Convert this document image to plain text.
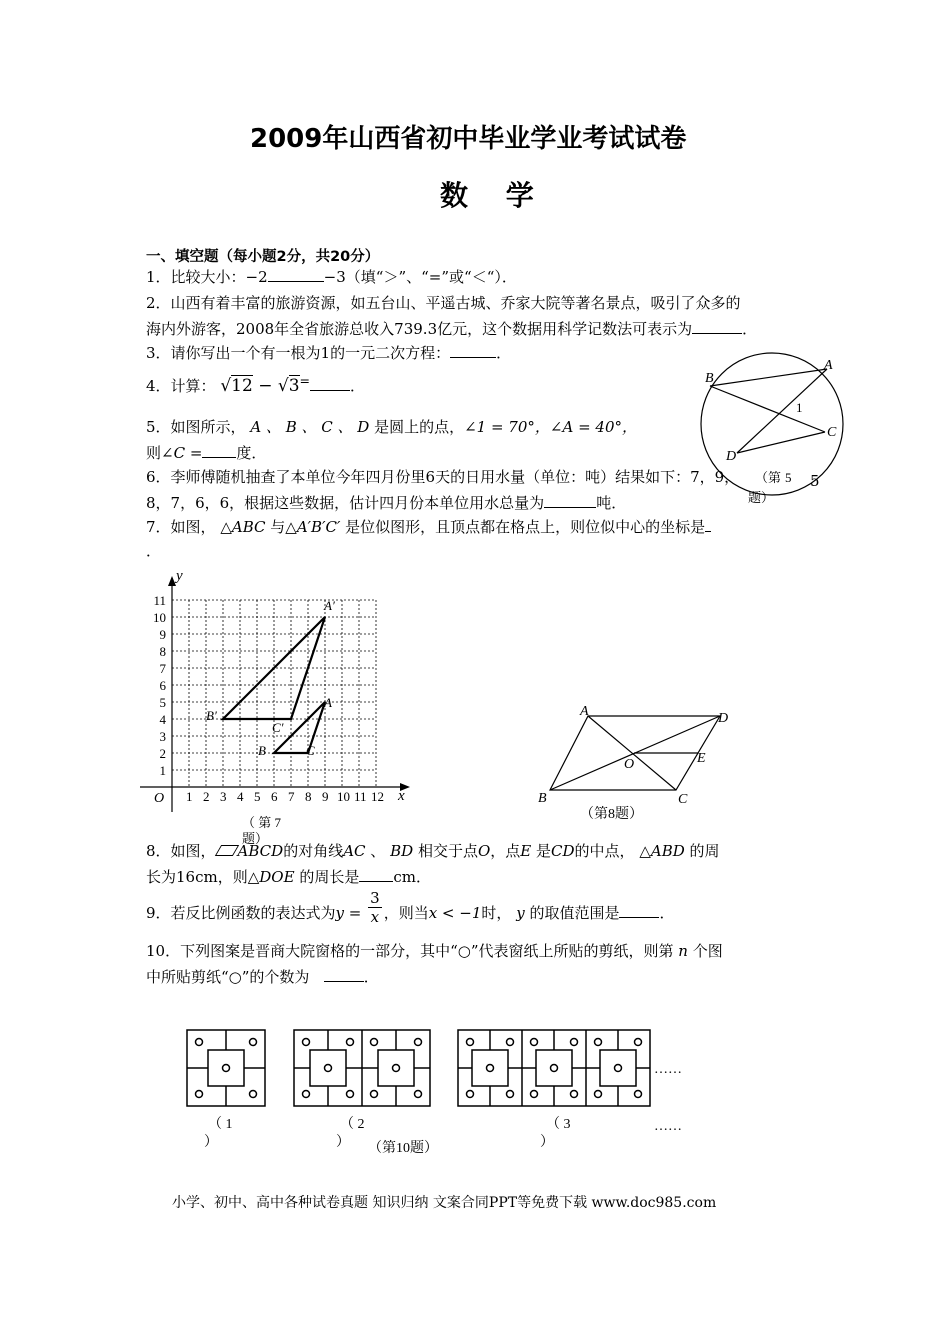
2009年山西省初中毕业学业考试试卷
数 学
一、填空题（每小题2分，共20分）
1．比较大小：−2	−3（填“＞”、“=”或“＜“）．
2．山西有着丰富的旅游资源，如五台山、平遥古城、乔家大院等著名景点，吸引了众多的
海内外游客，2008年全省旅游总收入739.3亿元，这个数据用科学记数法可表示为	．
3．请你写出一个有一根为1的一元二次方程：	．
4．计算： √12 − √3=	．
5．如图所示， A 、 B 、 C 、 D 是圆上的点，∠1 = 70°，∠A = 40°，
则∠C = 度．
6．李师傅随机抽查了本单位今年四月份里6天的日用水量（单位：吨）结果如下：7，9，	5
8，7，6，6，根据这些数据，估计四月份本单位用水总量为	吨．
7．如图， △ABC 与△A′B′C′ 是位似图形，且顶点都在格点上，则位似中心的坐标是
．
A
B
C
D
1
（第 5
题）
y
x
O
1
2
3
4
5
6
7
8
9
10
11
1 2 3 4 5 6 7 8 9 10 11 12
A′
B′
C′
A
B	C
（ 第 7
题）
A
B	C
D
O	E
（第8题）
8．如图， ABCD的对角线AC 、 BD 相交于点O，点E 是CD的中点， △ABD 的周
长为16cm，则△DOE 的周长是 cm．
9．若反比例函数的表达式为$y = \frac{3}{x}$ ，则当x < −1时， y 的取值范围是	．
10．下列图案是晋商大院窗格的一部分，其中“○”代表窗纸上所贴的剪纸，则第 n 个图
中所贴剪纸“○”的个数为	．
……
……
（ 1
）
（ 2
）
（ 3
）
（第10题）
小学、初中、高中各种试卷真题 知识归纳 文案合同PPT等免费下载 www.doc985.com
